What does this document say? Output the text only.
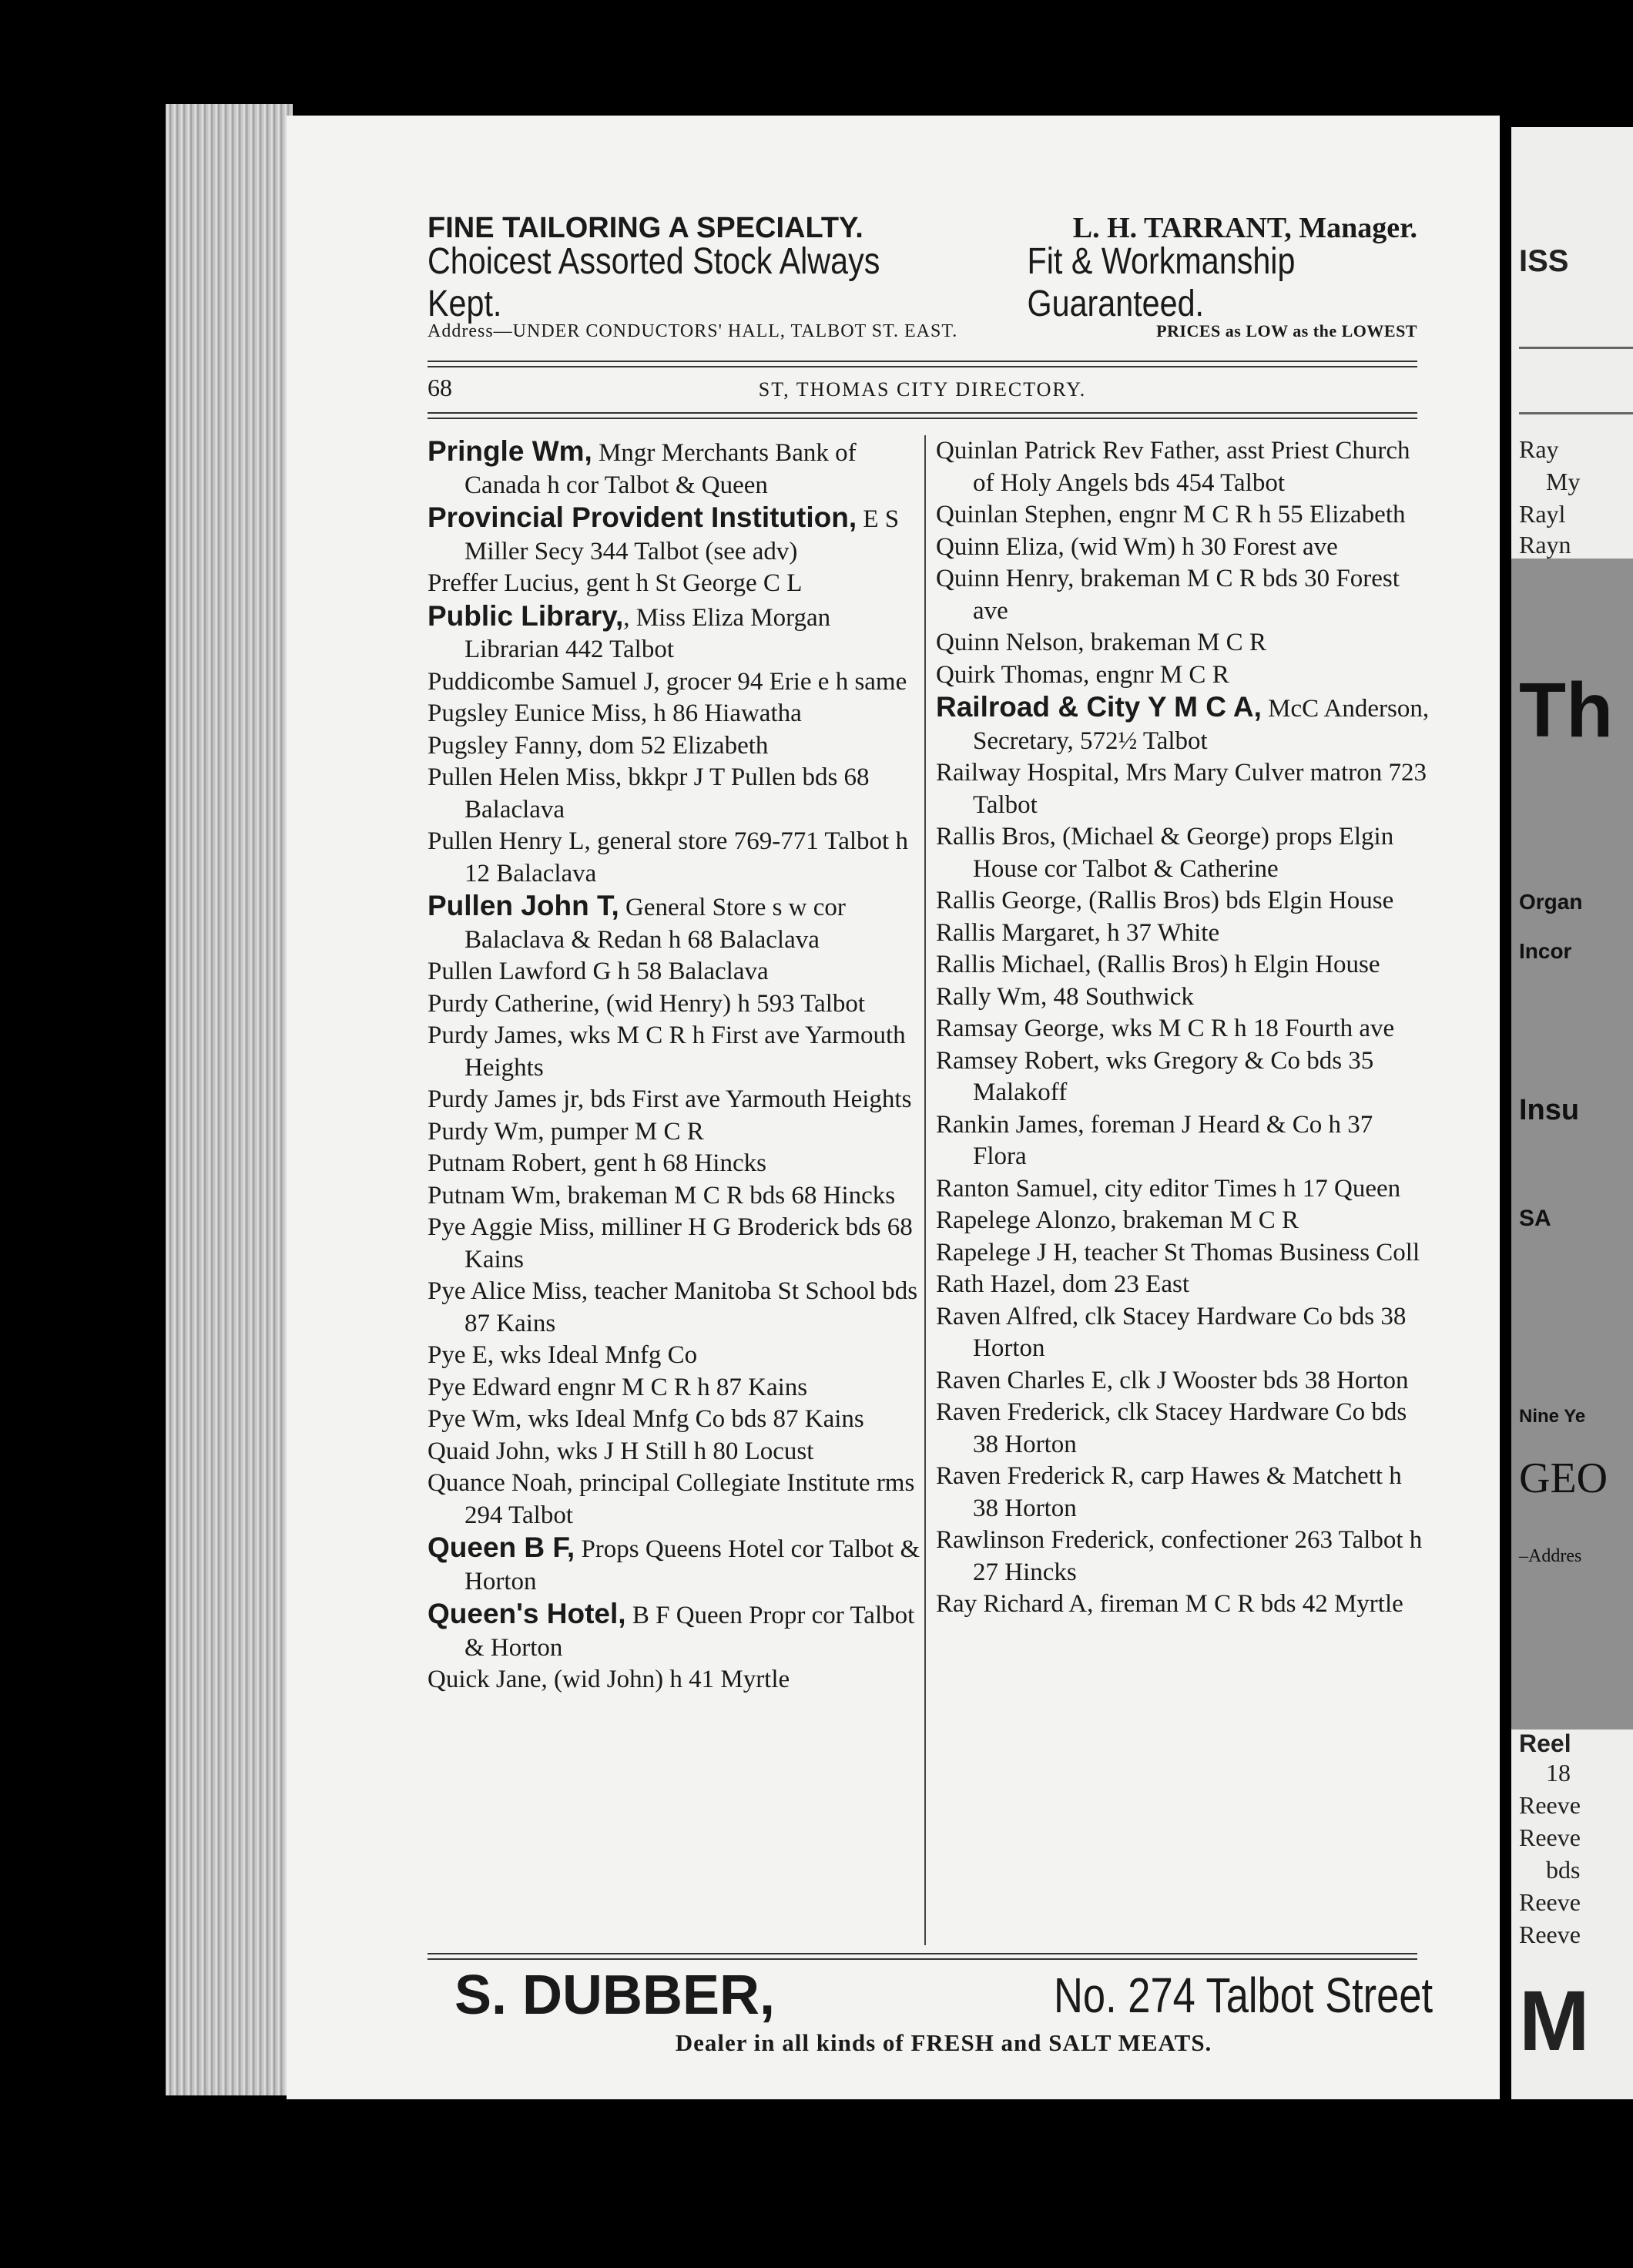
ISS
Ray
My
Rayl
Rayn
Th
Organ
Incor
Insu
SA
Nine Ye
GEO
–Addres
Reel
18
Reeve
Reeve
bds
Reeve
Reeve
M
FINE TAILORING A SPECIALTY.	L. H. TARRANT, Manager.
Choicest Assorted Stock Always Kept.
Fit & Workmanship Guaranteed.
Address—UNDER CONDUCTORS' HALL, TALBOT ST. EAST.	PRICES as LOW as the LOWEST
68	ST, THOMAS CITY DIRECTORY.
Pringle Wm, Mngr Merchants Bank of Canada h cor Talbot & Queen
Provincial Provident Institution, E S Miller Secy 344 Talbot (see adv)
Preffer Lucius, gent h St George C L
Public Library,, Miss Eliza Morgan Librarian 442 Talbot
Puddicombe Samuel J, grocer 94 Erie e h same
Pugsley Eunice Miss, h 86 Hiawatha
Pugsley Fanny, dom 52 Elizabeth
Pullen Helen Miss, bkkpr J T Pullen bds 68 Balaclava
Pullen Henry L, general store 769-771 Talbot h 12 Balaclava
Pullen John T, General Store s w cor Balaclava & Redan h 68 Balaclava
Pullen Lawford G h 58 Balaclava
Purdy Catherine, (wid Henry) h 593 Talbot
Purdy James, wks M C R h First ave Yarmouth Heights
Purdy James jr, bds First ave Yarmouth Heights
Purdy Wm, pumper M C R
Putnam Robert, gent h 68 Hincks
Putnam Wm, brakeman M C R bds 68 Hincks
Pye Aggie Miss, milliner H G Broderick bds 68 Kains
Pye Alice Miss, teacher Manitoba St School bds 87 Kains
Pye E, wks Ideal Mnfg Co
Pye Edward engnr M C R h 87 Kains
Pye Wm, wks Ideal Mnfg Co bds 87 Kains
Quaid John, wks J H Still h 80 Locust
Quance Noah, principal Collegiate Institute rms 294 Talbot
Queen B F, Props Queens Hotel cor Talbot & Horton
Queen's Hotel, B F Queen Propr cor Talbot & Horton
Quick Jane, (wid John) h 41 Myrtle
Quinlan Patrick Rev Father, asst Priest Church of Holy Angels bds 454 Talbot
Quinlan Stephen, engnr M C R h 55 Elizabeth
Quinn Eliza, (wid Wm) h 30 Forest ave
Quinn Henry, brakeman M C R bds 30 Forest ave
Quinn Nelson, brakeman M C R
Quirk Thomas, engnr M C R
Railroad & City Y M C A, McC Anderson, Secretary, 572½ Talbot
Railway Hospital, Mrs Mary Culver matron 723 Talbot
Rallis Bros, (Michael & George) props Elgin House cor Talbot & Catherine
Rallis George, (Rallis Bros) bds Elgin House
Rallis Margaret, h 37 White
Rallis Michael, (Rallis Bros) h Elgin House
Rally Wm, 48 Southwick
Ramsay George, wks M C R h 18 Fourth ave
Ramsey Robert, wks Gregory & Co bds 35 Malakoff
Rankin James, foreman J Heard & Co h 37 Flora
Ranton Samuel, city editor Times h 17 Queen
Rapelege Alonzo, brakeman M C R
Rapelege J H, teacher St Thomas Business Coll
Rath Hazel, dom 23 East
Raven Alfred, clk Stacey Hardware Co bds 38 Horton
Raven Charles E, clk J Wooster bds 38 Horton
Raven Frederick, clk Stacey Hardware Co bds 38 Horton
Raven Frederick R, carp Hawes & Matchett h 38 Horton
Rawlinson Frederick, confectioner 263 Talbot h 27 Hincks
Ray Richard A, fireman M C R bds 42 Myrtle
S. DUBBER,	No. 274 Talbot Street
Dealer in all kinds of FRESH and SALT MEATS.
